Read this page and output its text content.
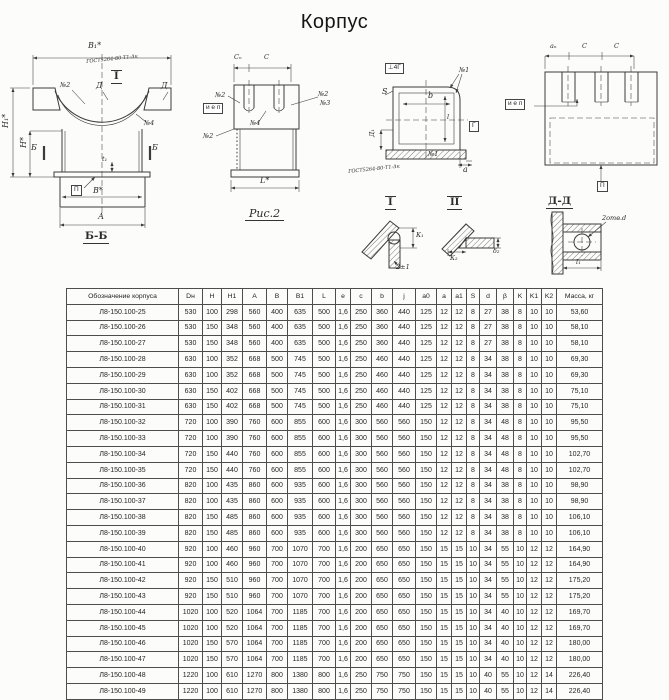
Корпус
В₁*
ГОСТ5264-80-Т1-Δк
№2	Д
I
Д
№4
Б	Б
Н₁*
Н*
t₁
П	В*
А
Б-Б
Сₙ	С
№2	№2
№3
и е п
№4
№2
L*
Рис.2
⊥4Г	№1
S	b
l
Г
Д₁
а
№1
ГОСТ5264-80-Т1-Δк
I	II
К₁
2±1
К₂
δ₂
аₙ	С	С
и е п
П
Д-Д
2отв.d
l₁
Обозначение корпуса	Dн	H	H1	A	B	B1	L	e	c	b	j	a0	a	a1	S	d	β	K	K1	K2	Масса, кг
Л8-150.100-25	530	100	298	560	400	635	500	1,6	250	360	440	125	12	12	8	27	38	8	10	10	53,60
Л8-150.100-26	530	150	348	560	400	635	500	1,6	250	360	440	125	12	12	8	27	38	8	10	10	58,10
Л8-150.100-27	530	150	348	560	400	635	500	1,6	250	360	440	125	12	12	8	27	38	8	10	10	58,10
Л8-150.100-28	630	100	352	668	500	745	500	1,6	250	460	440	125	12	12	8	34	38	8	10	10	69,30
Л8-150.100-29	630	100	352	668	500	745	500	1,6	250	460	440	125	12	12	8	34	38	8	10	10	69,30
Л8-150.100-30	630	150	402	668	500	745	500	1,6	250	460	440	125	12	12	8	34	38	8	10	10	75,10
Л8-150.100-31	630	150	402	668	500	745	500	1,6	250	460	440	125	12	12	8	34	38	8	10	10	75,10
Л8-150.100-32	720	100	390	760	600	855	600	1,6	300	560	560	150	12	12	8	34	48	8	10	10	95,50
Л8-150.100-33	720	100	390	760	600	855	600	1,6	300	560	560	150	12	12	8	34	48	8	10	10	95,50
Л8-150.100-34	720	150	440	760	600	855	600	1,6	300	560	560	150	12	12	8	34	48	8	10	10	102,70
Л8-150.100-35	720	150	440	760	600	855	600	1,6	300	560	560	150	12	12	8	34	48	8	10	10	102,70
Л8-150.100-36	820	100	435	860	600	935	600	1,6	300	560	560	150	12	12	8	34	38	8	10	10	98,90
Л8-150.100-37	820	100	435	860	600	935	600	1,6	300	560	560	150	12	12	8	34	38	8	10	10	98,90
Л8-150.100-38	820	150	485	860	600	935	600	1,6	300	560	560	150	12	12	8	34	38	8	10	10	106,10
Л8-150.100-39	820	150	485	860	600	935	600	1,6	300	560	560	150	12	12	8	34	38	8	10	10	106,10
Л8-150.100-40	920	100	460	960	700	1070	700	1,6	200	650	650	150	15	15	10	34	55	10	12	12	164,90
Л8-150.100-41	920	100	460	960	700	1070	700	1,6	200	650	650	150	15	15	10	34	55	10	12	12	164,90
Л8-150.100-42	920	150	510	960	700	1070	700	1,6	200	650	650	150	15	15	10	34	55	10	12	12	175,20
Л8-150.100-43	920	150	510	960	700	1070	700	1,6	200	650	650	150	15	15	10	34	55	10	12	12	175,20
Л8-150.100-44	1020	100	520	1064	700	1185	700	1,6	200	650	650	150	15	15	10	34	40	10	12	12	169,70
Л8-150.100-45	1020	100	520	1064	700	1185	700	1,6	200	650	650	150	15	15	10	34	40	10	12	12	169,70
Л8-150.100-46	1020	150	570	1064	700	1185	700	1,6	200	650	650	150	15	15	10	34	40	10	12	12	180,00
Л8-150.100-47	1020	150	570	1064	700	1185	700	1,6	200	650	650	150	15	15	10	34	40	10	12	12	180,00
Л8-150.100-48	1220	100	610	1270	800	1380	800	1,6	250	750	750	150	15	15	10	40	55	10	12	14	226,40
Л8-150.100-49	1220	100	610	1270	800	1380	800	1,6	250	750	750	150	15	15	10	40	55	10	12	14	226,40
